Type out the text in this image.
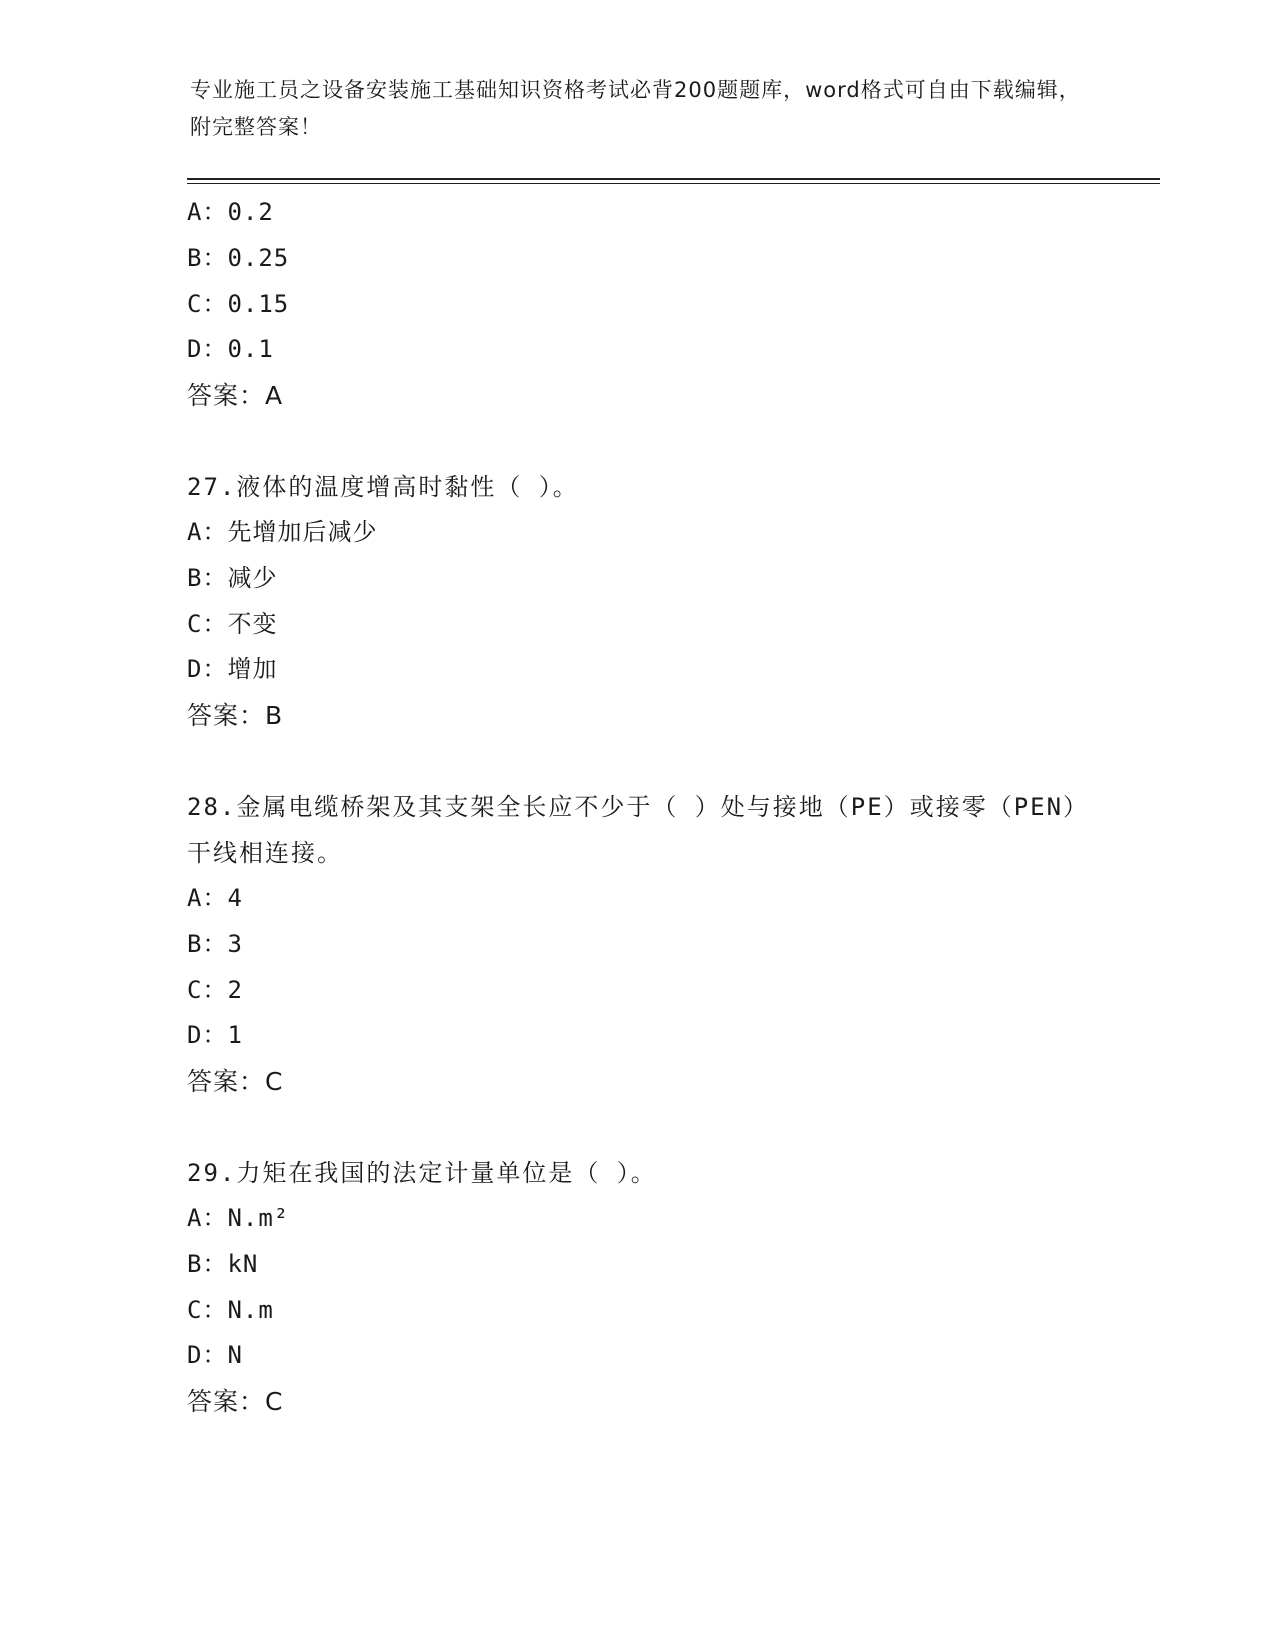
专业施工员之设备安装施工基础知识资格考试必背200题题库，word格式可自由下载编辑，附完整答案！
A：0.2
B：0.25
C：0.15
D：0.1
答案：A
27.液体的温度增高时黏性（ ）。
A：先增加后减少
B：减少
C：不变
D：增加
答案：B
28.金属电缆桥架及其支架全长应不少于（ ）处与接地（PE）或接零（PEN）干线相连接。
A：4
B：3
C：2
D：1
答案：C
29.力矩在我国的法定计量单位是（ ）。
A：N.m²
B：kN
C：N.m
D：N
答案：C
